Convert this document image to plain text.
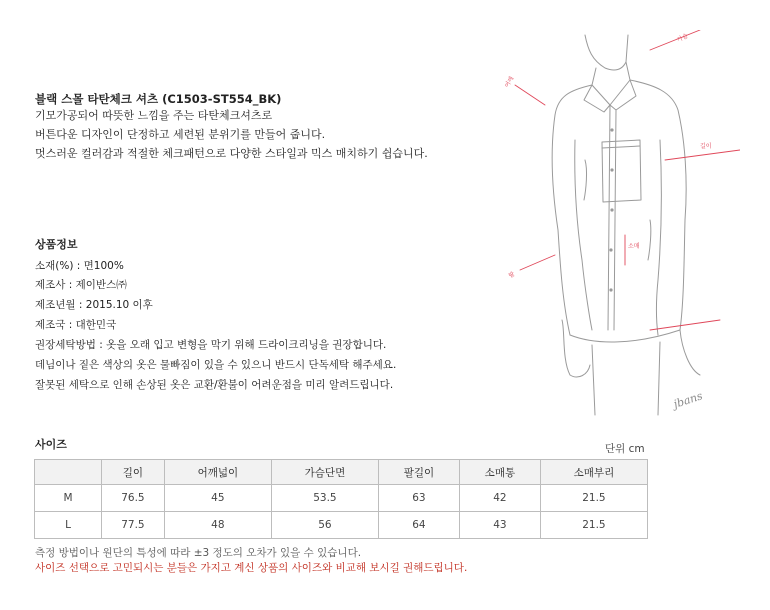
블랙 스몰 타탄체크 셔츠 (C1503-ST554_BK)
기모가공되어 따뜻한 느낌을 주는 타탄체크셔츠로
버튼다운 디자인이 단정하고 세련된 분위기를 만들어 줍니다.
멋스러운 컬러감과 적절한 체크패턴으로 다양한 스타일과 믹스 매치하기 쉽습니다.
상품정보
소재(%) : 면100%
제조사 : 제이반스㈜
제조년월 : 2015.10 이후
제조국 : 대한민국
권장세탁방법 : 옷을 오래 입고 변형을 막기 위해 드라이크리닝을 권장합니다.
데님이나 짙은 색상의 옷은 물빠짐이 있을 수 있으니 반드시 단독세탁 해주세요.
잘못된 세탁으로 인해 손상된 옷은 교환/환불이 어려운점을 미리 알려드립니다.
사이즈	단위 cm
	길이	어깨넓이	가슴단면	팔길이	소매통	소매부리
M	76.5	45	53.5	63	42	21.5
L	77.5	48	56	64	43	21.5
측정 방법이나 원단의 특성에 따라 ±3 정도의 오차가 있을 수 있습니다.
사이즈 선택으로 고민되시는 분들은 가지고 계신 상품의 사이즈와 비교해 보시길 권해드립니다.
어깨
가슴
길이
소매
팔
jbans
